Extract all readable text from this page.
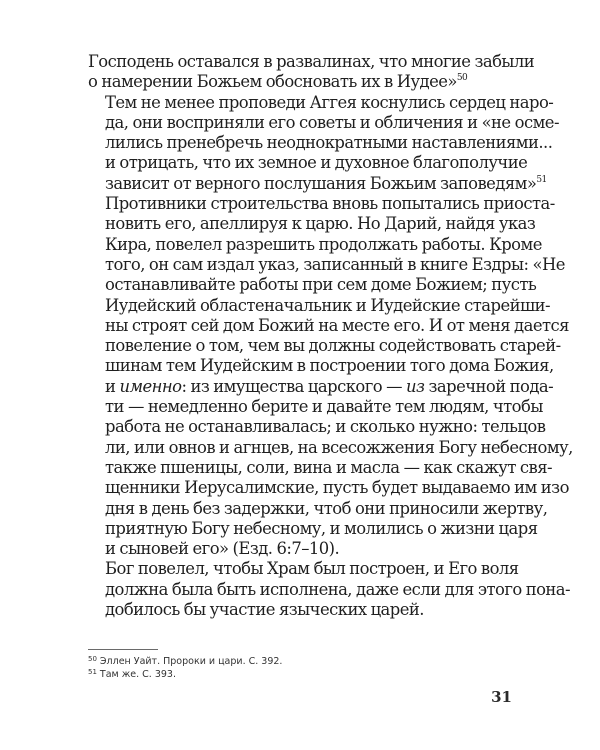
Господень оставался в развалинах, что многие забыли
о намерении Божьем обосновать их в Иудее»$^{50}$

Тем не менее проповеди Аггея коснулись сердец наро-
да, они восприняли его советы и обличения и «не осме-
лились пренебречь неоднократными наставлениями...
и отрицать, что их земное и духовное благополучие
зависит от верного послушания Божьим заповедям»$^{51}$
Противники строительства вновь попытались приоста-
новить его, апеллируя к царю. Но Дарий, найдя указ
Кира, повелел разрешить продолжать работы. Кроме
того, он сам издал указ, записанный в книге Ездры: «Не
останавливайте работы при сем доме Божием; пусть
Иудейский областеначальник и Иудейские старейши-
ны строят сей дом Божий на месте его. И от меня дается
повеление о том, чем вы должны содействовать старей-
шинам тем Иудейским в построении того дома Божия,
и именно: из имущества царского — из заречной пода-
ти — немедленно берите и давайте тем людям, чтобы
работа не останавливалась; и сколько нужно: тельцов
ли, или овнов и агнцев, на всесожжения Богу небесному,
также пшеницы, соли, вина и масла — как скажут свя-
щенники Иерусалимские, пусть будет выдаваемо им изо
дня в день без задержки, чтоб они приносили жертву,
приятную Богу небесному, и молились о жизни царя
и сыновей его» (Езд. 6:7–10).

Бог повелел, чтобы Храм был построен, и Его воля
должна была быть исполнена, даже если для этого пона-
добилось бы участие языческих царей.

$^{50}$ Эллен Уайт. Пророки и цари. С. 392.
$^{51}$ Там же. С. 393.
31
